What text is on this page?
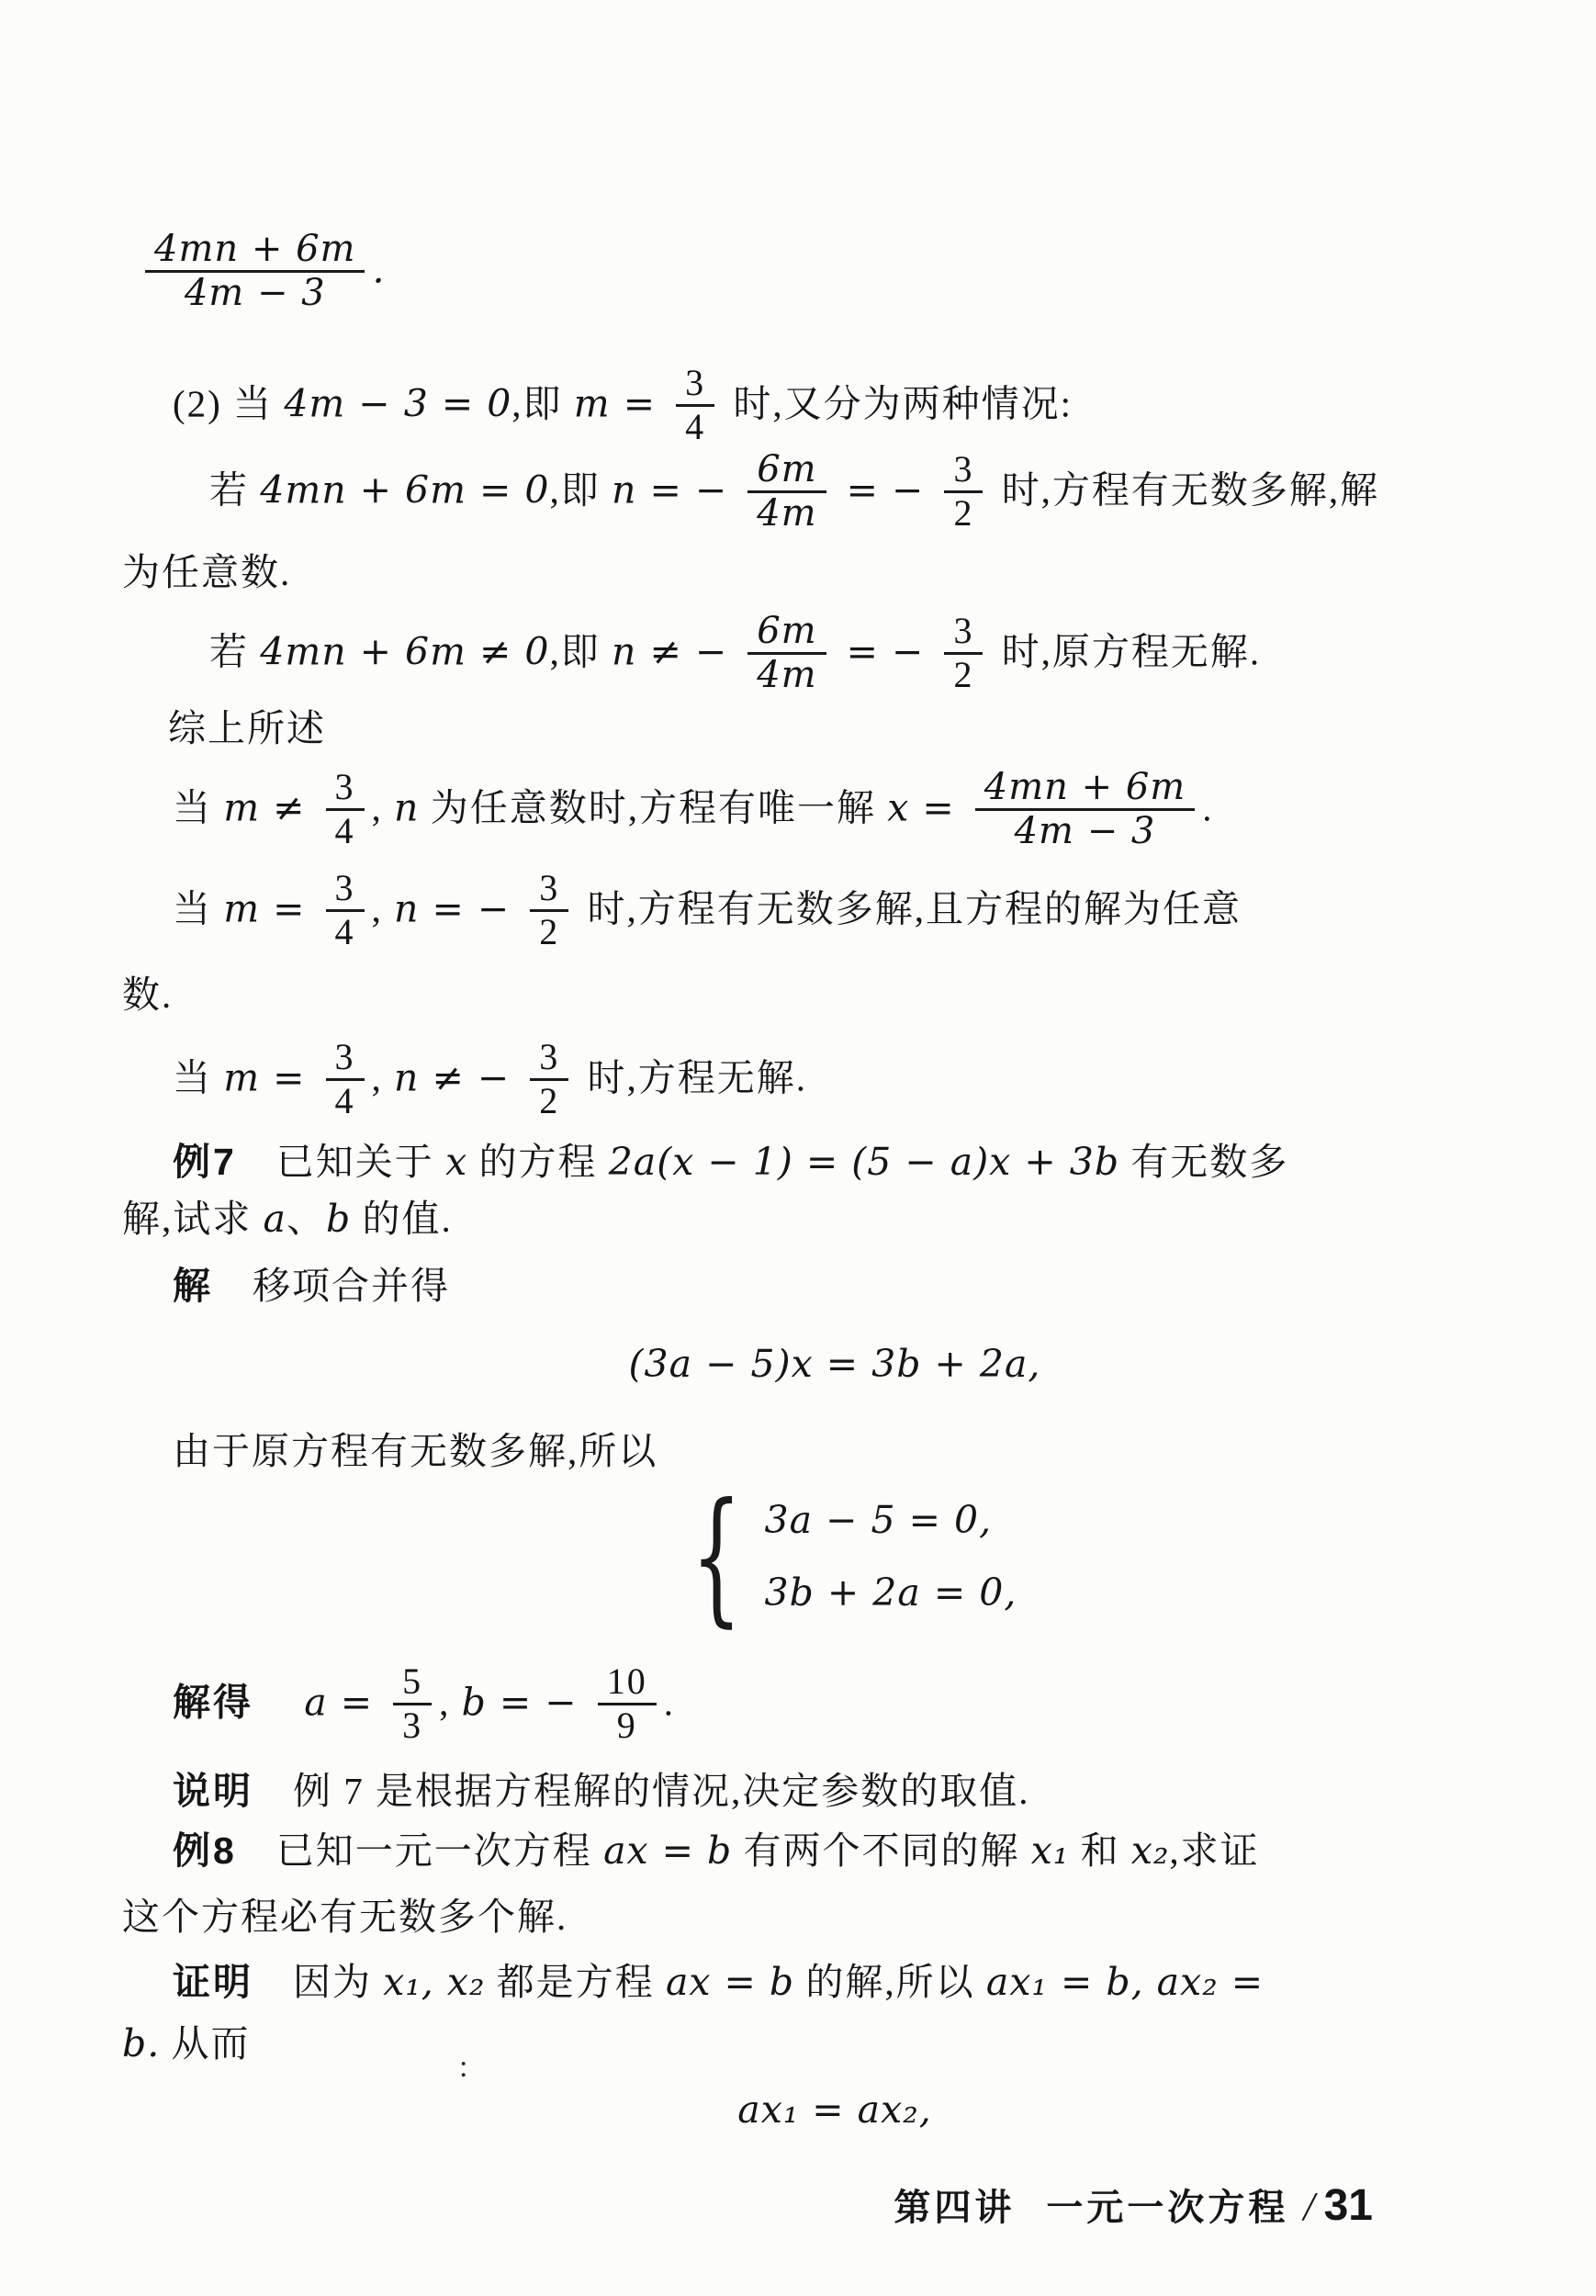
$\frac{4mn + 6m}{4m - 3}$ .
(2) 当 4m − 3 = 0,即 $m = \frac{3}{4}$ 时,又分为两种情况:
若 4mn + 6m = 0,即 n = − $\frac{6m}{4m}$ = − $\frac{3}{2}$ 时,方程有无数多解,解
为任意数.
若 4mn + 6m ≠ 0,即 n ≠ − $\frac{6m}{4m}$ = − $\frac{3}{2}$ 时,原方程无解.
综上所述
当 $m \ne \frac{3}{4}$ , n 为任意数时,方程有唯一解 $x = \frac{4mn + 6m}{4m - 3}$ .
当 $m = \frac{3}{4}$ , n = − $\frac{3}{2}$ 时,方程有无数多解,且方程的解为任意
数.
当 $m = \frac{3}{4}$ , n ≠ − $\frac{3}{2}$ 时,方程无解.
例7　已知关于 x 的方程 2a(x − 1) = (5 − a)x + 3b 有无数多
解,试求 a、b 的值.
解　移项合并得
(3a − 5)x = 3b + 2a,
由于原方程有无数多解,所以
{ 3a − 5 = 0,
3b + 2a = 0,
解得　 $a = \frac{5}{3}$ , b = − $\frac{10}{9}$ .
说明　例 7 是根据方程解的情况,决定参数的取值.
例8　已知一元一次方程 ax = b 有两个不同的解 x₁ 和 x₂,求证
这个方程必有无数多个解.
证明　因为 x₁, x₂ 都是方程 ax = b 的解,所以 ax₁ = b, ax₂ =
b. 从而
:
ax₁ = ax₂,
第四讲 一元一次方程 / 31
